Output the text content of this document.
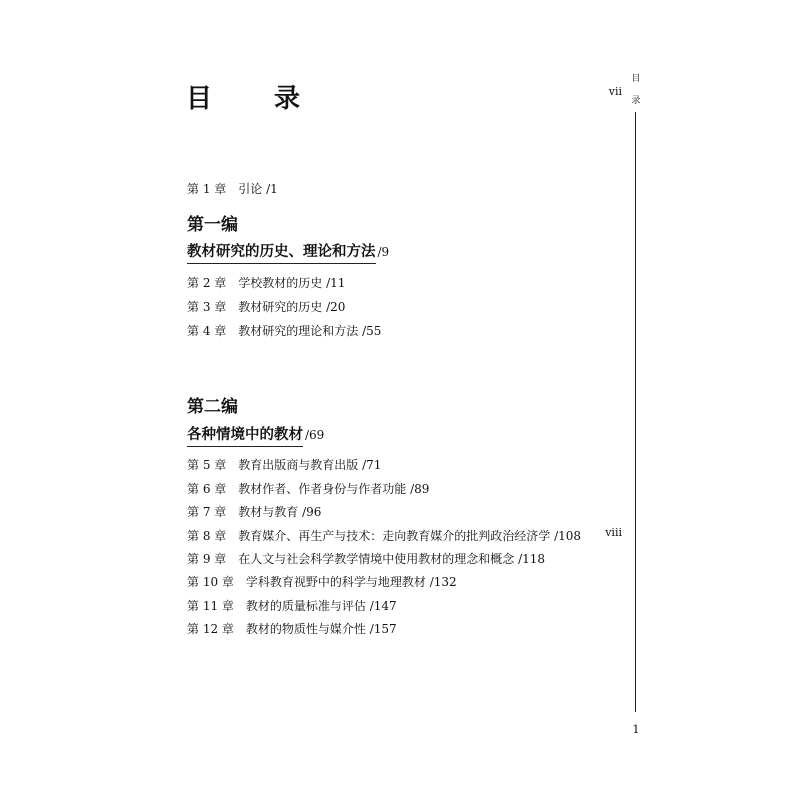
目　录	vii
viii
目
录
1
第 1 章 引论 /1
第一编
教材研究的历史、理论和方法 /9
第 2 章 学校教材的历史 /11
第 3 章 教材研究的历史 /20
第 4 章 教材研究的理论和方法 /55
第二编
各种情境中的教材 /69
第 5 章 教育出版商与教育出版 /71
第 6 章 教材作者、作者身份与作者功能 /89
第 7 章 教材与教育 /96
第 8 章 教育媒介、再生产与技术：走向教育媒介的批判政治经济学 /108
第 9 章 在人文与社会科学教学情境中使用教材的理念和概念 /118
第 10 章 学科教育视野中的科学与地理教材 /132
第 11 章 教材的质量标准与评估 /147
第 12 章 教材的物质性与媒介性 /157
